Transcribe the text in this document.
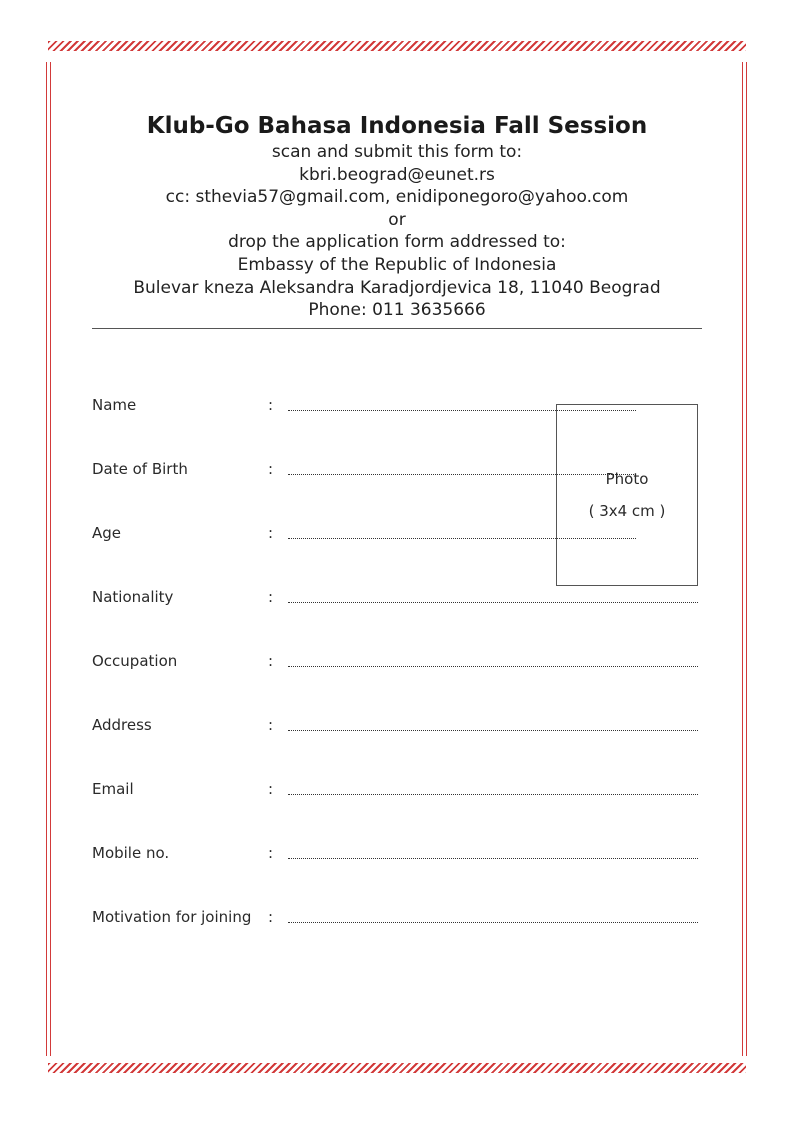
Klub-Go Bahasa Indonesia Fall Session
scan and submit this form to:
kbri.beograd@eunet.rs
cc: sthevia57@gmail.com, enidiponegoro@yahoo.com
or
drop the application form addressed to:
Embassy of the Republic of Indonesia
Bulevar kneza Aleksandra Karadjordjevica 18, 11040 Beograd
Phone: 011 3635666
Name	:
Date of Birth	:
Age	:
Nationality	:
Occupation	:
Address	:
Email	:
Mobile no.	:
Motivation for joining :
Photo
( 3x4 cm )
